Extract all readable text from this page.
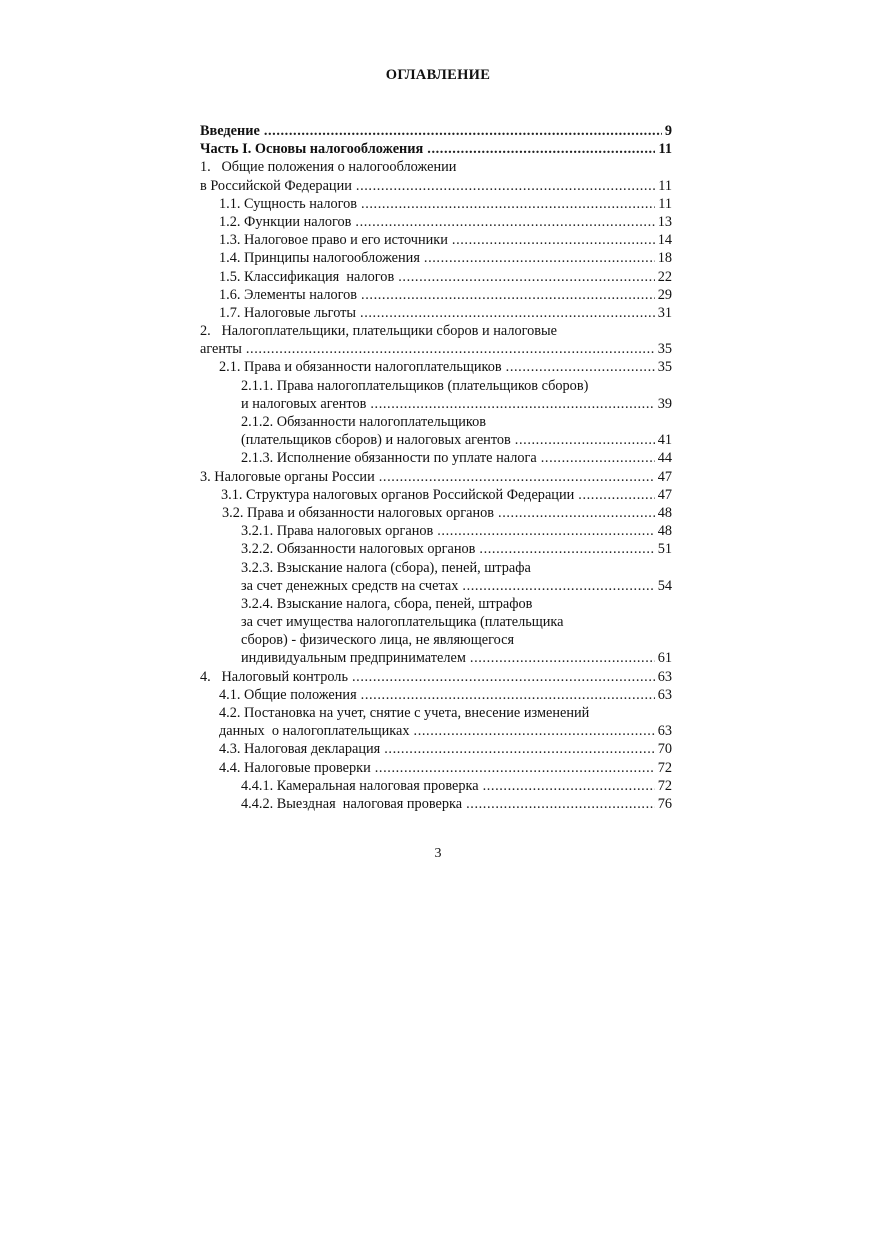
ОГЛАВЛЕНИЕ
Введение .....	9
Часть I. Основы налогообложения .....	11
1.   Общие положения о налогообложении
в Российской Федерации .....	11
1.1. Сущность налогов .....	11
1.2. Функции налогов .....	13
1.3. Налоговое право и его источники .....	14
1.4. Принципы налогообложения .....	18
1.5. Классификация  налогов .....	22
1.6. Элементы налогов .....	29
1.7. Налоговые льготы .....	31
2.   Налогоплательщики, плательщики сборов и налоговые
агенты .....	35
2.1. Права и обязанности налогоплательщиков .....	35
2.1.1. Права налогоплательщиков (плательщиков сборов)
и налоговых агентов .....	39
2.1.2. Обязанности налогоплательщиков
(плательщиков сборов) и налоговых агентов .....	41
2.1.3. Исполнение обязанности по уплате налога .....	44
3. Налоговые органы России .....	47
3.1. Структура налоговых органов Российской Федерации .....	47
3.2. Права и обязанности налоговых органов .....	48
3.2.1. Права налоговых органов .....	48
3.2.2. Обязанности налоговых органов .....	51
3.2.3. Взыскание налога (сбора), пеней, штрафа
за счет денежных средств на счетах .....	54
3.2.4. Взыскание налога, сбора, пеней, штрафов
за счет имущества налогоплательщика (плательщика
сборов) - физического лица, не являющегося
индивидуальным предпринимателем .....	61
4.   Налоговый контроль .....	63
4.1. Общие положения .....	63
4.2. Постановка на учет, снятие с учета, внесение изменений
данных  о налогоплательщиках .....	63
4.3. Налоговая декларация .....	70
4.4. Налоговые проверки .....	72
4.4.1. Камеральная налоговая проверка .....	72
4.4.2. Выездная  налоговая проверка .....	76
3
